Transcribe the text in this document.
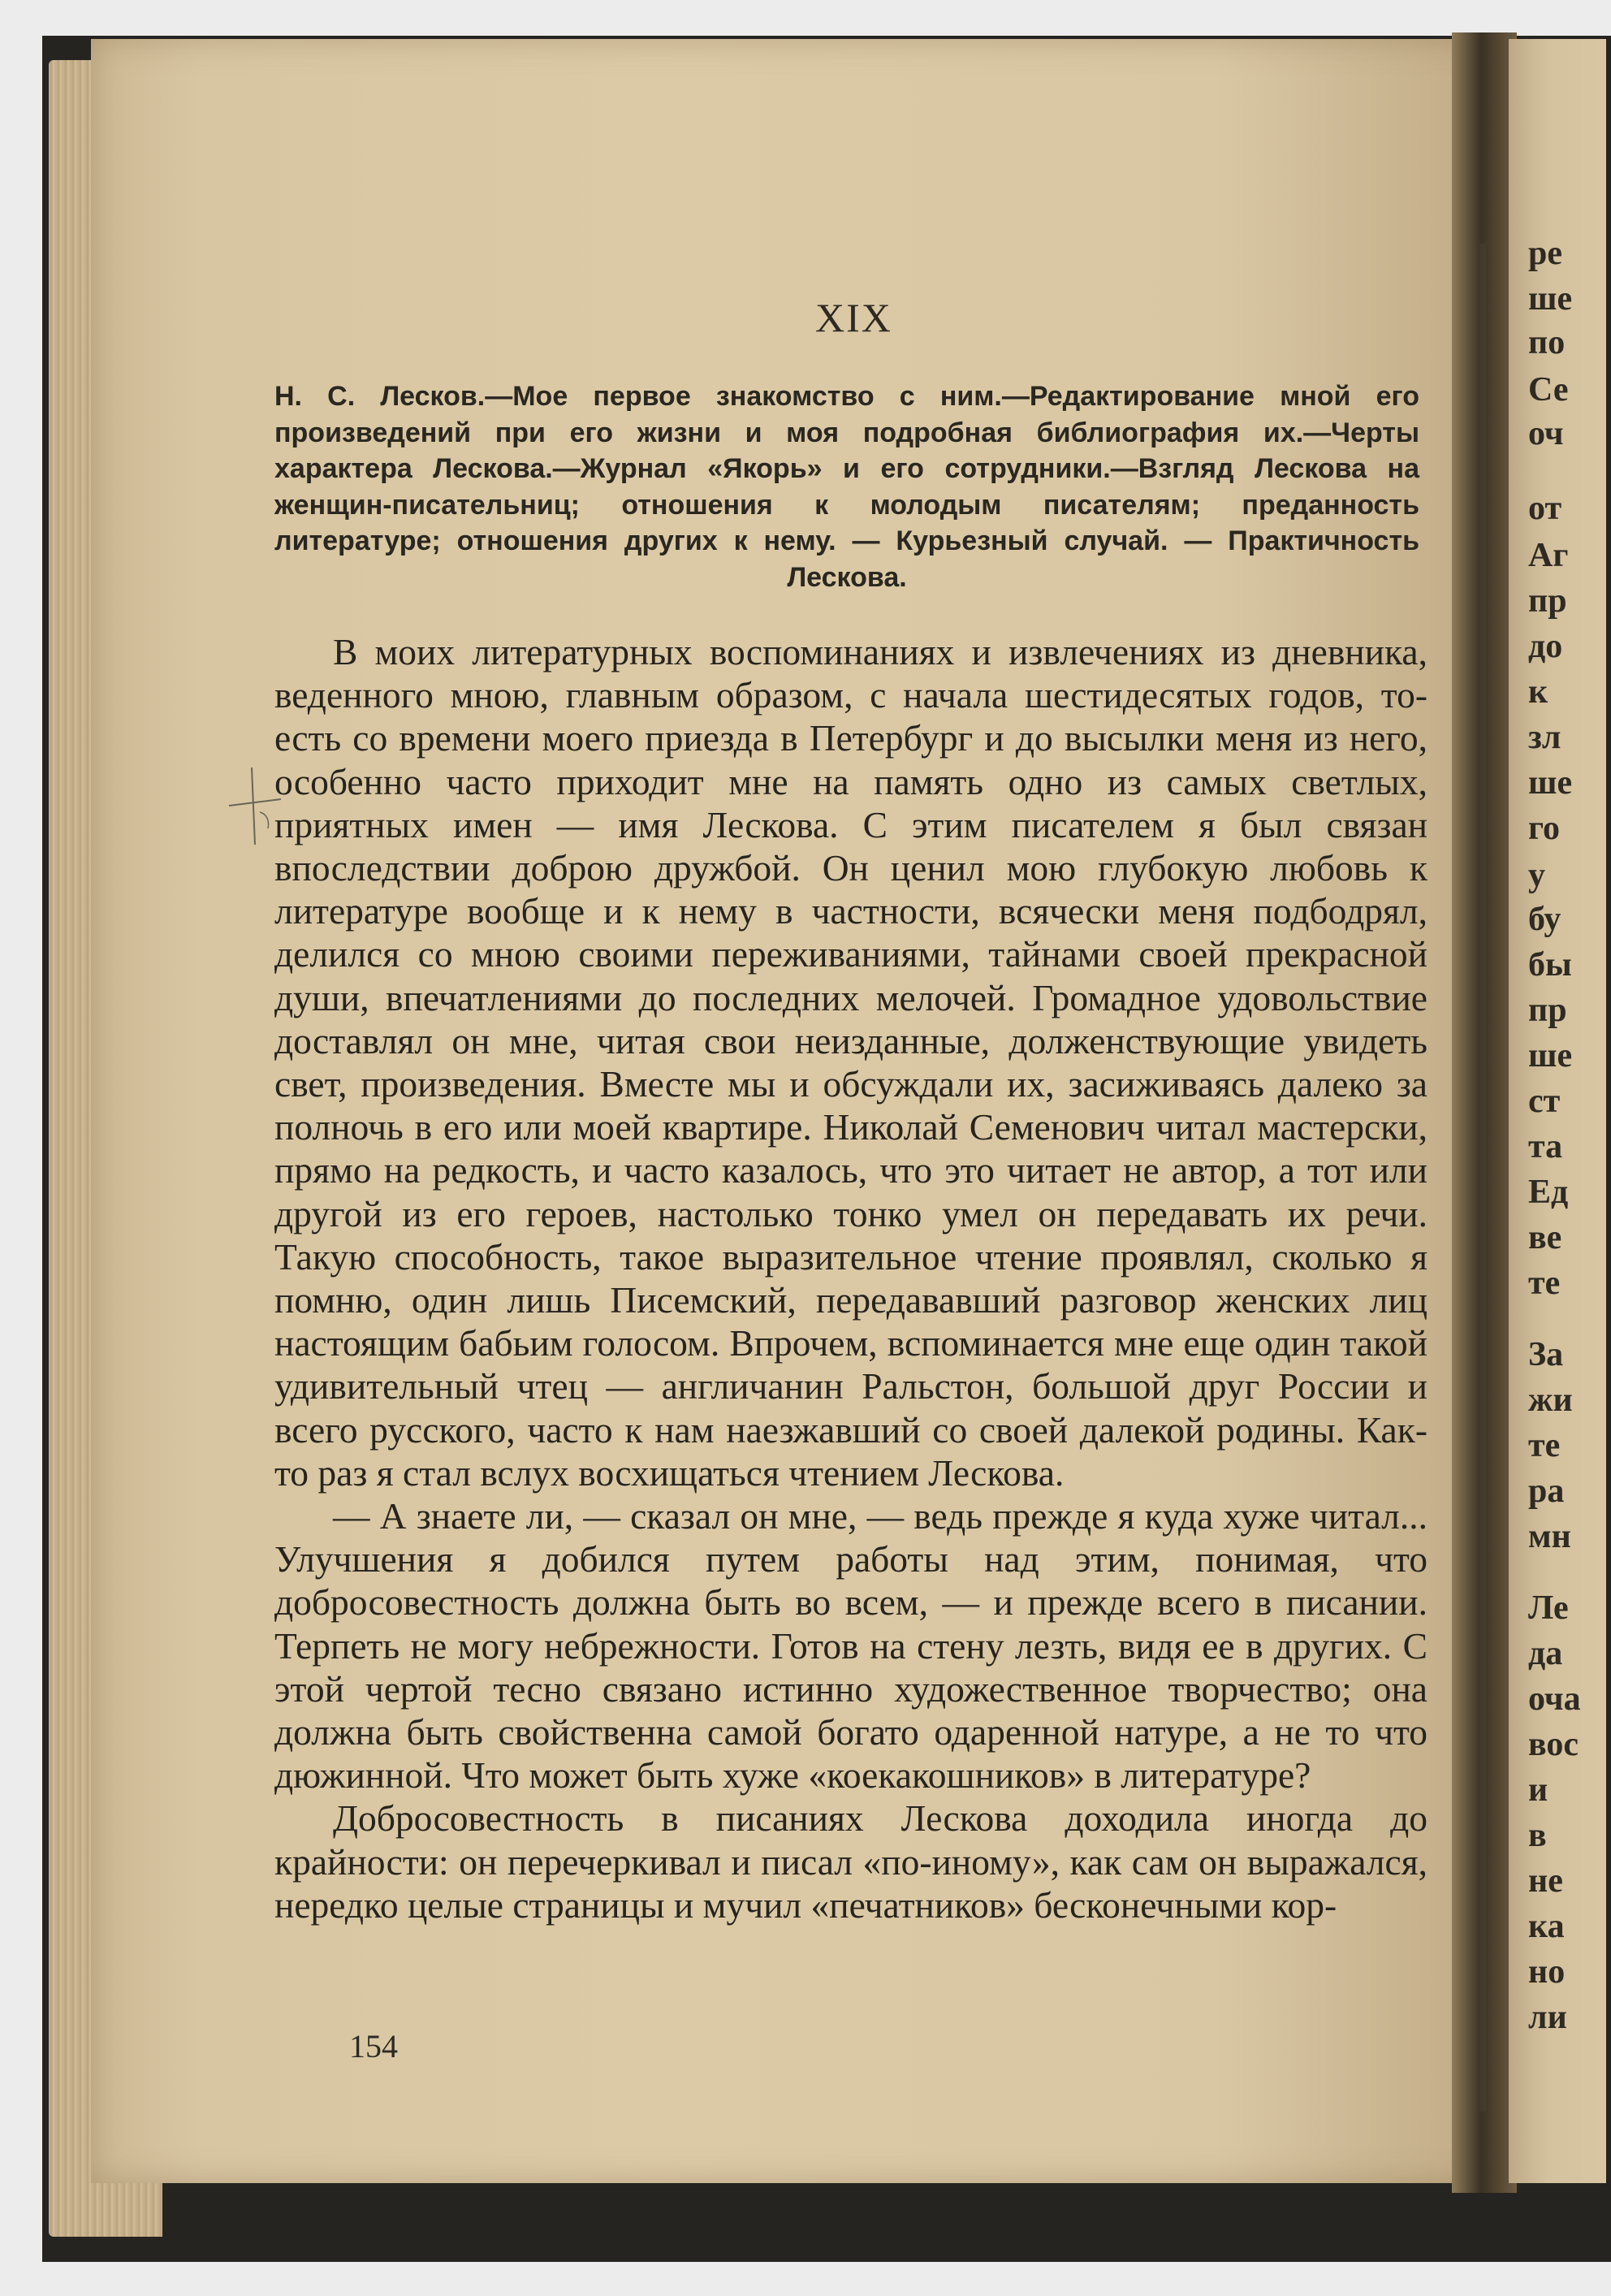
ре
ше
по
Се
оч
от
Аг
пр
до
к
зл
ше
го
у
бу
бы
пр
ше
ст
та
Ед
ве
те
За
жи
те
ра
мн
Ле
да
оча
вос
и
в
не
ка
но
ли
XIX
Н. С. Лесков.—Мое первое знакомство с ним.—Редактирование мной его произведений при его жизни и моя подробная библиография их.—Черты характера Лескова.—Журнал «Якорь» и его сотрудники.—Взгляд Лескова на женщин-писательниц; отношения к молодым писателям; преданность литературе; отношения других к нему. — Курьезный случай. — Практичность Лескова.

В моих литературных воспоминаниях и извлечениях из дневника, веденного мною, главным образом, с начала шестидесятых годов, то-есть со времени моего приезда в Петербург и до высылки меня из него, особенно часто приходит мне на память одно из самых светлых, приятных имен — имя Лескова. С этим писателем я был связан впоследствии доброю дружбой. Он ценил мою глубокую любовь к литературе вообще и к нему в частности, всячески меня подбодрял, делился со мною своими переживаниями, тайнами своей прекрасной души, впечатлениями до последних мелочей. Громадное удовольствие доставлял он мне, читая свои неизданные, долженствующие увидеть свет, произведения. Вместе мы и обсуждали их, засиживаясь далеко за полночь в его или моей квартире. Николай Семенович читал мастерски, прямо на редкость, и часто казалось, что это читает не автор, а тот или другой из его героев, настолько тонко умел он передавать их речи. Такую способность, такое выразительное чтение проявлял, сколько я помню, один лишь Писемский, передававший разговор женских лиц настоящим бабьим голосом. Впрочем, вспоминается мне еще один такой удивительный чтец — англичанин Ральстон, большой друг России и всего русского, часто к нам наезжавший со своей далекой родины. Как-то раз я стал вслух восхищаться чтением Лескова.

— А знаете ли, — сказал он мне, — ведь прежде я куда хуже читал... Улучшения я добился путем работы над этим, понимая, что добросовестность должна быть во всем, — и прежде всего в писании. Терпеть не могу небрежности. Готов на стену лезть, видя ее в других. С этой чертой тесно связано истинно художественное творчество; она должна быть свойственна самой богато одаренной натуре, а не то что дюжинной. Что может быть хуже «коекакошников» в литературе?

Добросовестность в писаниях Лескова доходила иногда до крайности: он перечеркивал и писал «по-иному», как сам он выражался, нередко целые страницы и мучил «печатников» бесконечными кор-

154
